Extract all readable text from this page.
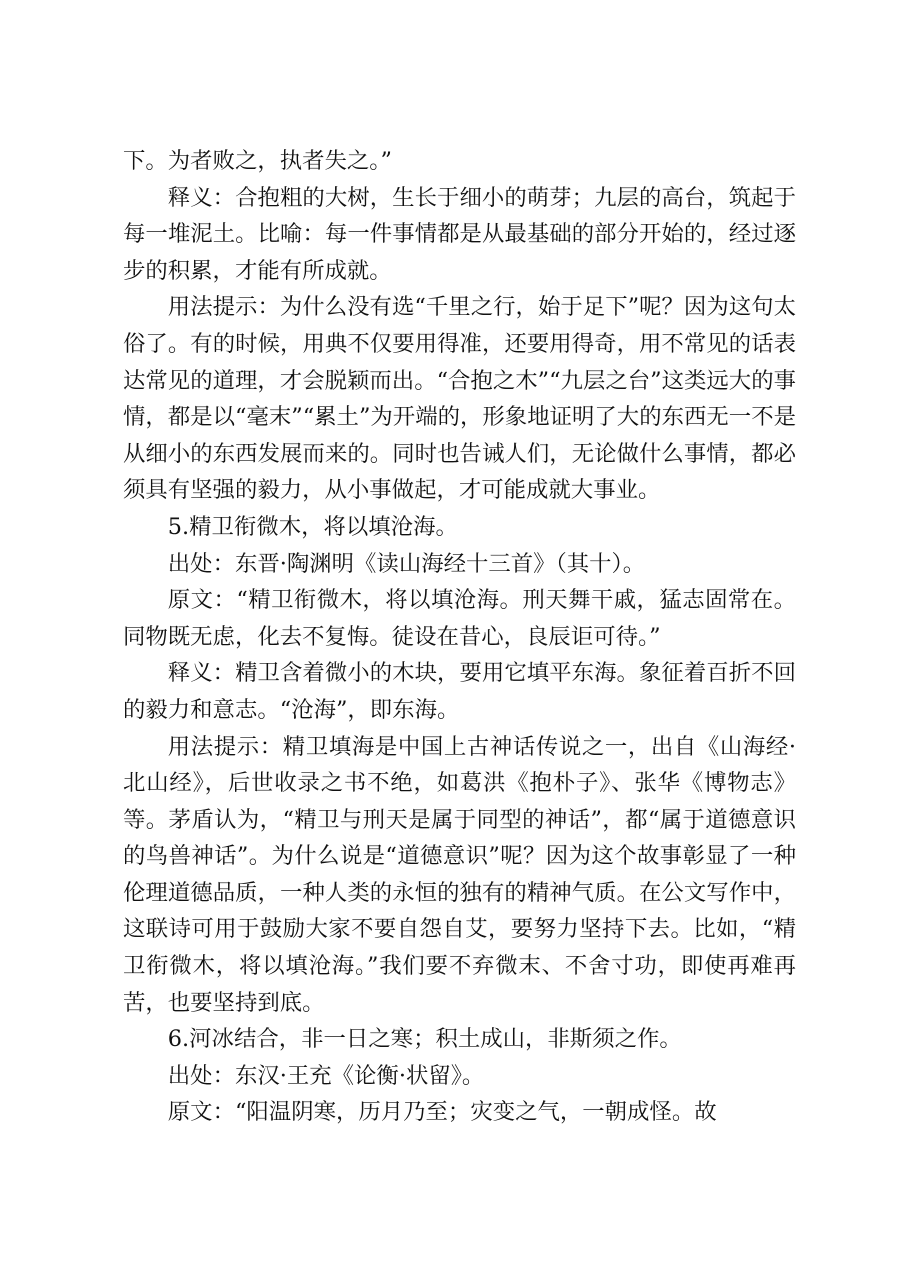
下。为者败之，执者失之。”

释义：合抱粗的大树，生长于细小的萌芽；九层的高台，筑起于每一堆泥土。比喻：每一件事情都是从最基础的部分开始的，经过逐步的积累，才能有所成就。

用法提示：为什么没有选“千里之行，始于足下”呢？因为这句太俗了。有的时候，用典不仅要用得准，还要用得奇，用不常见的话表达常见的道理，才会脱颖而出。“合抱之木”“九层之台”这类远大的事情，都是以“毫末”“累土”为开端的，形象地证明了大的东西无一不是从细小的东西发展而来的。同时也告诫人们，无论做什么事情，都必须具有坚强的毅力，从小事做起，才可能成就大事业。

5.精卫衔微木，将以填沧海。

出处：东晋·陶渊明《读山海经十三首》（其十）。

原文：“精卫衔微木，将以填沧海。刑天舞干戚，猛志固常在。同物既无虑，化去不复悔。徒设在昔心，良辰讵可待。”

释义：精卫含着微小的木块，要用它填平东海。象征着百折不回的毅力和意志。“沧海”，即东海。

用法提示：精卫填海是中国上古神话传说之一，出自《山海经·北山经》，后世收录之书不绝，如葛洪《抱朴子》、张华《博物志》等。茅盾认为，“精卫与刑天是属于同型的神话”，都“属于道德意识的鸟兽神话”。为什么说是“道德意识”呢？因为这个故事彰显了一种伦理道德品质，一种人类的永恒的独有的精神气质。在公文写作中，这联诗可用于鼓励大家不要自怨自艾，要努力坚持下去。比如，“精卫衔微木，将以填沧海。”我们要不弃微末、不舍寸功，即使再难再苦，也要坚持到底。

6.河冰结合，非一日之寒；积土成山，非斯须之作。

出处：东汉·王充《论衡·状留》。

原文：“阳温阴寒，历月乃至；灾变之气，一朝成怪。故
